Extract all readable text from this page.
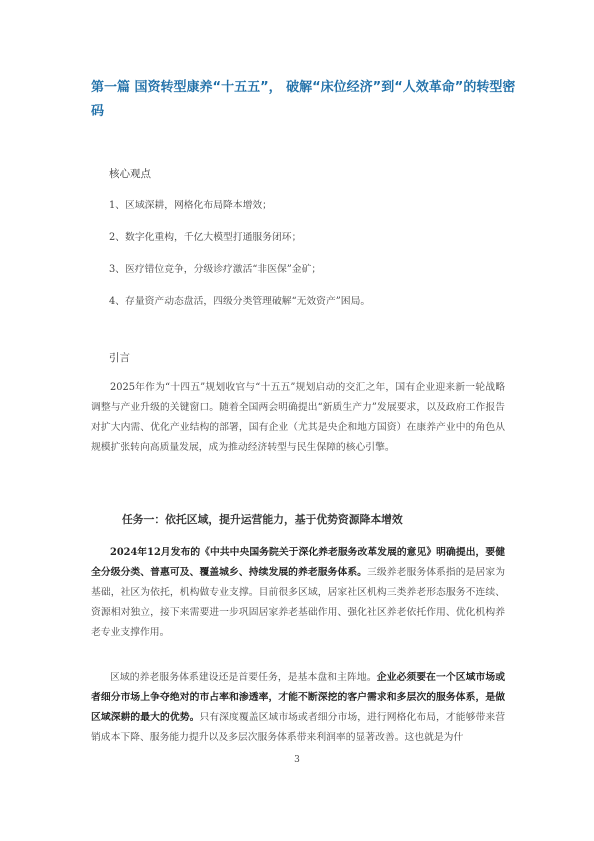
第一篇 国资转型康养“十五五”， 破解“床位经济”到“人效革命”的转型密码

核心观点

1、区域深耕，网格化布局降本增效；

2、数字化重构，千亿大模型打通服务闭环；

3、医疗错位竞争，分级诊疗激活“非医保”金矿；

4、存量资产动态盘活，四级分类管理破解“无效资产”困局。

引言

2025年作为“十四五”规划收官与“十五五”规划启动的交汇之年，国有企业迎来新一轮战略调整与产业升级的关键窗口。随着全国两会明确提出“新质生产力”发展要求，以及政府工作报告对扩大内需、优化产业结构的部署，国有企业（尤其是央企和地方国资）在康养产业中的角色从规模扩张转向高质量发展，成为推动经济转型与民生保障的核心引擎。

任务一：依托区域，提升运营能力，基于优势资源降本增效

2024年12月发布的《中共中央国务院关于深化养老服务改革发展的意见》明确提出，要健全分级分类、普惠可及、覆盖城乡、持续发展的养老服务体系。三级养老服务体系指的是居家为基础，社区为依托，机构做专业支撑。目前很多区域，居家社区机构三类养老形态服务不连续、资源相对独立，接下来需要进一步巩固居家养老基础作用、强化社区养老依托作用、优化机构养老专业支撑作用。

区域的养老服务体系建设还是首要任务，是基本盘和主阵地。企业必须要在一个区域市场或者细分市场上争夺绝对的市占率和渗透率，才能不断深挖的客户需求和多层次的服务体系，是做区域深耕的最大的优势。只有深度覆盖区域市场或者细分市场，进行网格化布局，才能够带来营销成本下降、服务能力提升以及多层次服务体系带来利润率的显著改善。这也就是为什

3
